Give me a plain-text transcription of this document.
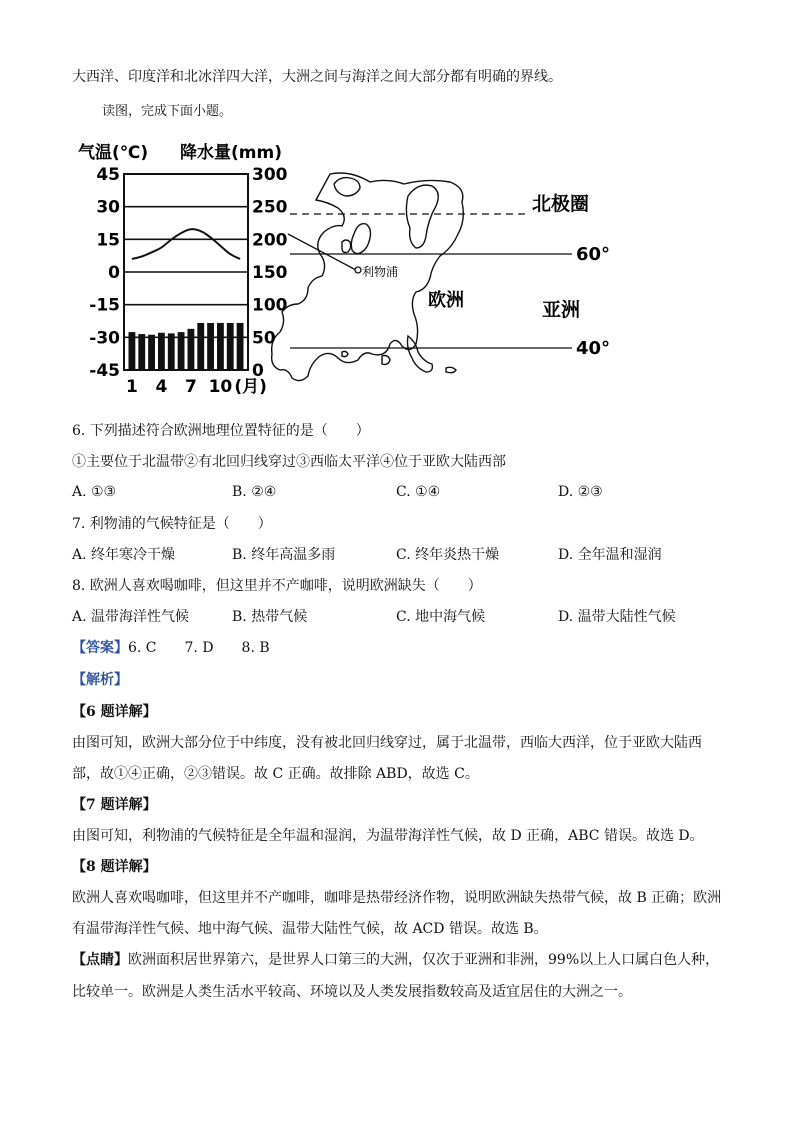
大西洋、印度洋和北冰洋四大洋，大洲之间与海洋之间大部分都有明确的界线。
读图，完成下面小题。
气温(℃) 降水量(mm)
45
30
15
0
-15
-30
-45
300
250
200
150
100
50
0
1 4 7 10 (月)
北极圈
60°
40°
利物浦
欧洲	亚洲
6. 下列描述符合欧洲地理位置特征的是（　　）
①主要位于北温带②有北回归线穿过③西临太平洋④位于亚欧大陆西部
A. ①③	B. ②④	C. ①④	D. ②③
7. 利物浦的气候特征是（　　）
A. 终年寒冷干燥	B. 终年高温多雨	C. 终年炎热干燥	D. 全年温和湿润
8. 欧洲人喜欢喝咖啡，但这里并不产咖啡，说明欧洲缺失（　　）
A. 温带海洋性气候	B. 热带气候	C. 地中海气候	D. 温带大陆性气候
【答案】6. C　　7. D　　8. B
【解析】
【6 题详解】
由图可知，欧洲大部分位于中纬度，没有被北回归线穿过，属于北温带，西临大西洋，位于亚欧大陆西
部，故①④正确，②③错误。故 C 正确。故排除 ABD，故选 C。
【7 题详解】
由图可知，利物浦的气候特征是全年温和湿润，为温带海洋性气候，故 D 正确，ABC 错误。故选 D。
【8 题详解】
欧洲人喜欢喝咖啡，但这里并不产咖啡，咖啡是热带经济作物，说明欧洲缺失热带气候，故 B 正确；欧洲
有温带海洋性气候、地中海气候、温带大陆性气候，故 ACD 错误。故选 B。
【点睛】欧洲面积居世界第六，是世界人口第三的大洲，仅次于亚洲和非洲，99%以上人口属白色人种，
比较单一。欧洲是人类生活水平较高、环境以及人类发展指数较高及适宜居住的大洲之一。
